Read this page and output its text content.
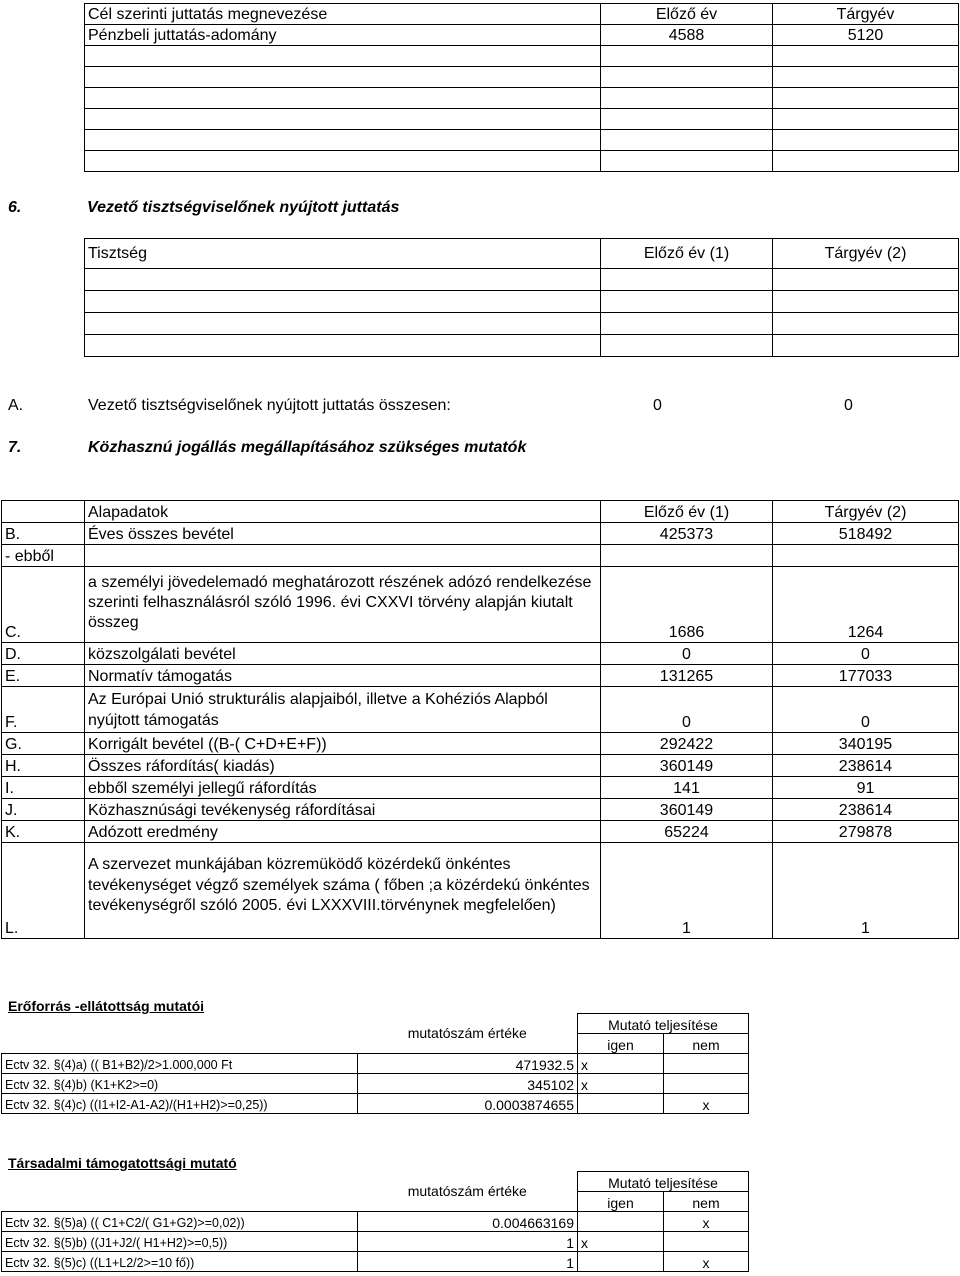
Cél szerinti juttatás megnevezése	Előző év	Tárgyév
Pénzbeli juttatás-adomány	4588	5120

6.	Vezető tisztségviselőnek nyújtott juttatás
Tisztség	Előző év (1)	Tárgyév (2)

A.	Vezető tisztségviselőnek nyújtott juttatás összesen:	0	0
7.	Közhasznú jogállás megállapításához szükséges mutatók
	Alapadatok	Előző év (1)	Tárgyév (2)
B.	Éves összes bevétel	425373	518492
- ebből			
C.	a személyi jövedelemadó meghatározott részének adózó rendelkezése szerinti felhasználásról szóló 1996. évi CXXVI törvény alapján kiutalt összeg	1686	1264
D.	közszolgálati bevétel	0	0
E.	Normatív támogatás	131265	177033
F.	Az Európai Unió strukturális alapjaiból, illetve a Kohéziós Alapból nyújtott támogatás	0	0
G.	Korrigált bevétel ((B-( C+D+E+F))	292422	340195
H.	Összes ráfordítás( kiadás)	360149	238614
I.	ebből személyi jellegű ráfordítás	141	91
J.	Közhasznúsági tevékenység ráfordításai	360149	238614
K.	Adózott eredmény	65224	279878
L.	A szervezet munkájában közremüködő közérdekű önkéntes tevékenységet végző személyek száma ( főben ;a közérdekú önkéntes tevékenységről szóló 2005. évi LXXXVIII.törvénynek megfelelően)	1	1
Erőforrás -ellátottság mutatói
	mutatószám értéke	Mutató teljesítése	
		igen	nem
Ectv 32. §(4)a) (( B1+B2)/2>1.000,000 Ft	471932.5	x	
Ectv 32. §(4)b) (K1+K2>=0)	345102	x	
Ectv 32. §(4)c) ((I1+I2-A1-A2)/(H1+H2)>=0,25))	0.0003874655		x
Társadalmi támogatottsági mutató
	mutatószám értéke	Mutató teljesítése	
		igen	nem
Ectv 32. §(5)a) (( C1+C2/( G1+G2)>=0,02))	0.004663169		x
Ectv 32. §(5)b) ((J1+J2/( H1+H2)>=0,5))	1	x	
Ectv 32. §(5)c) ((L1+L2/2>=10 fő))	1		x
